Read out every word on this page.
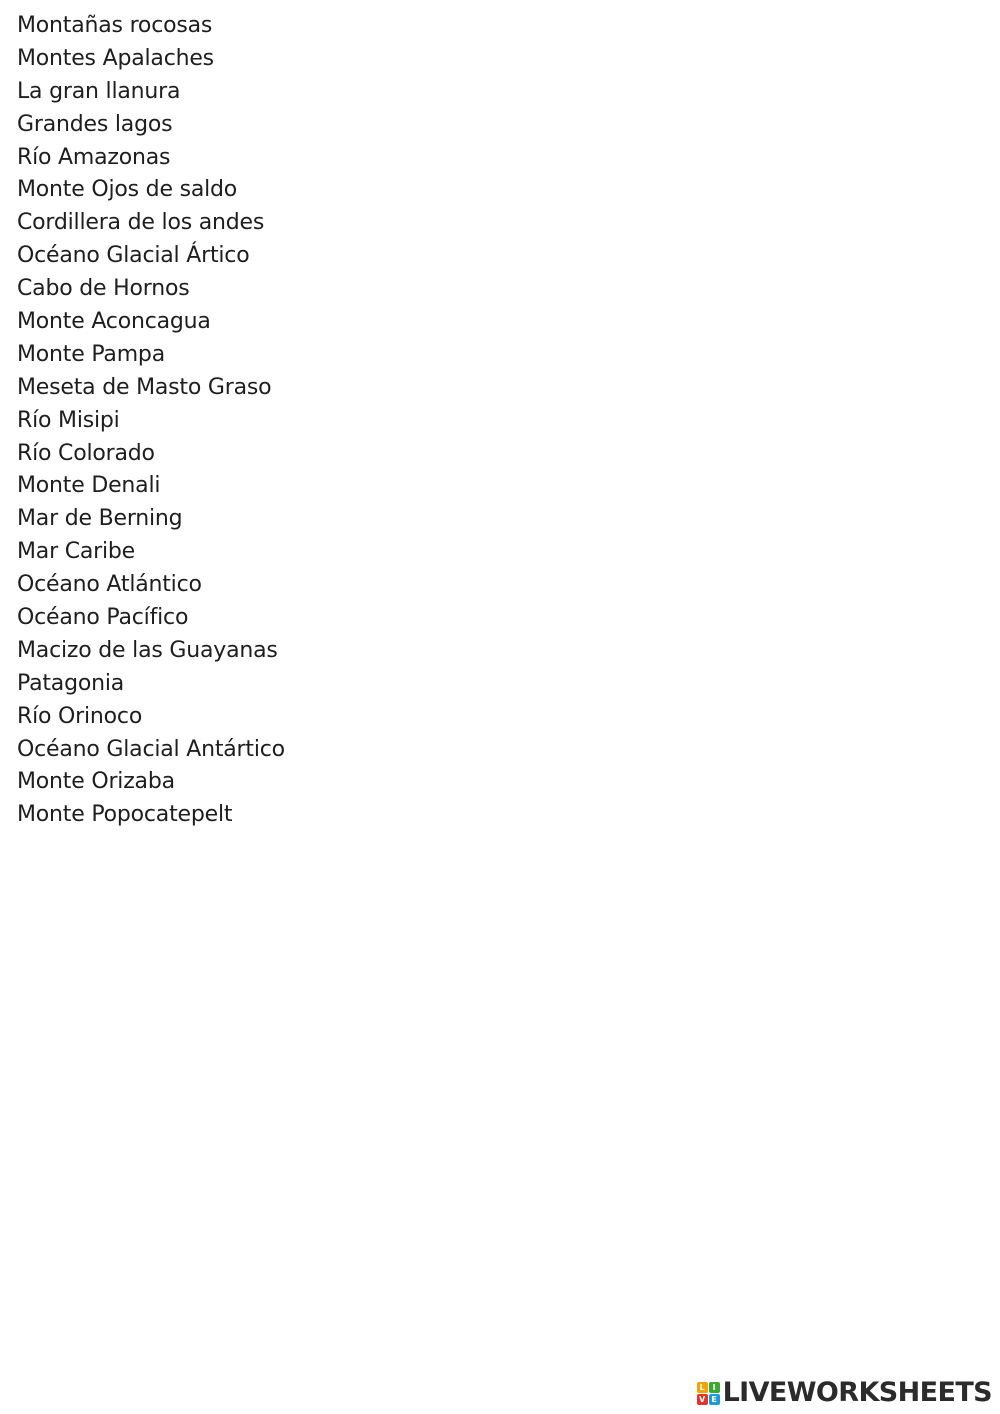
Montañas rocosas
Montes Apalaches
La gran llanura
Grandes lagos
Río Amazonas
Monte Ojos de saldo
Cordillera de los andes
Océano Glacial Ártico
Cabo de Hornos
Monte Aconcagua
Monte Pampa
Meseta de Masto Graso
Río Misipi
Río Colorado
Monte Denali
Mar de Berning
Mar Caribe
Océano Atlántico
Océano Pacífico
Macizo de las Guayanas
Patagonia
Río Orinoco
Océano Glacial Antártico
Monte Orizaba
Monte Popocatepelt
L I
V E LIVEWORKSHEETS
